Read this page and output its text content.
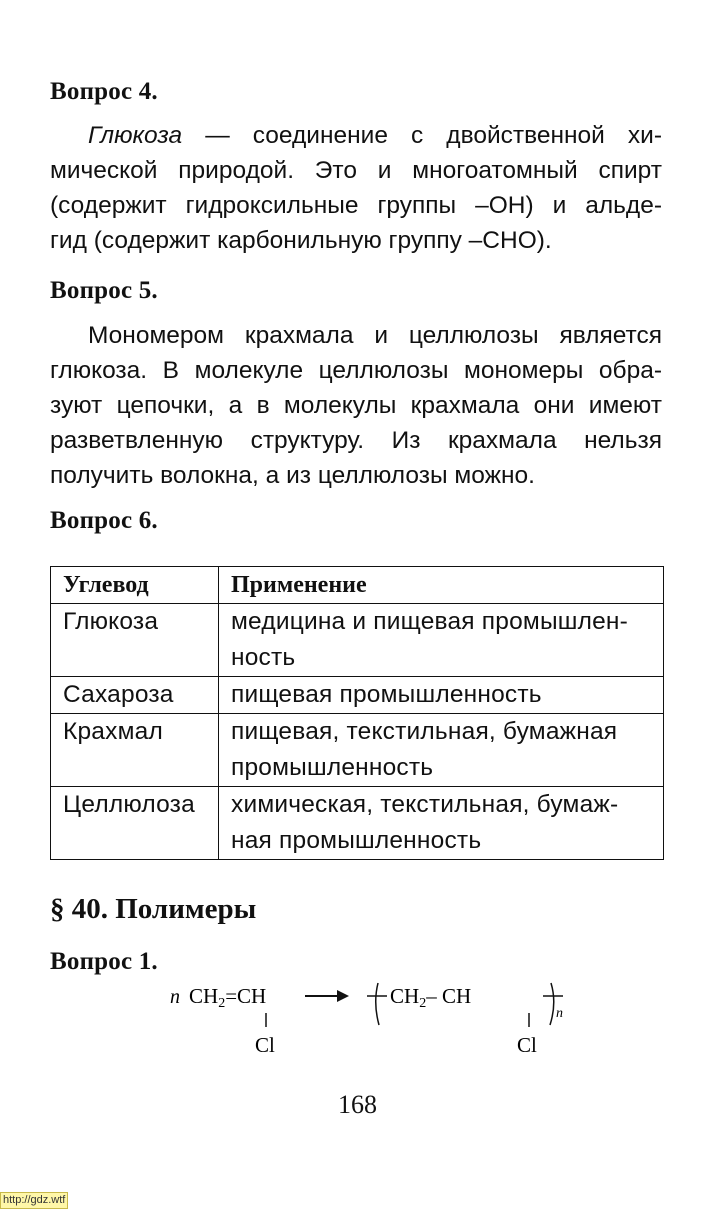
Вопрос 4.
Глюкоза — соединение с двойственной хи-
мической природой. Это и многоатомный спирт
(содержит гидроксильные группы –ОН) и альде-
гид (содержит карбонильную группу –СНО).
Вопрос 5.
Мономером крахмала и целлюлозы является
глюкоза. В молекуле целлюлозы мономеры обра-
зуют цепочки, а в молекулы крахмала они имеют
разветвленную структуру. Из крахмала нельзя
получить волокна, а из целлюлозы можно.
Вопрос 6.
Углевод	Применение
Глюкоза	медицина и пищевая промышлен-
ность

Сахароза	пищевая промышленность

Крахмал	пищевая, текстильная, бумажная
промышленность

Целлюлоза	химическая, текстильная, бумаж-
ная промышленность
§ 40. Полимеры
Вопрос 1.
n CH2=CH
Cl
CH2– CH
Cl
n
168
http://gdz.wtf
